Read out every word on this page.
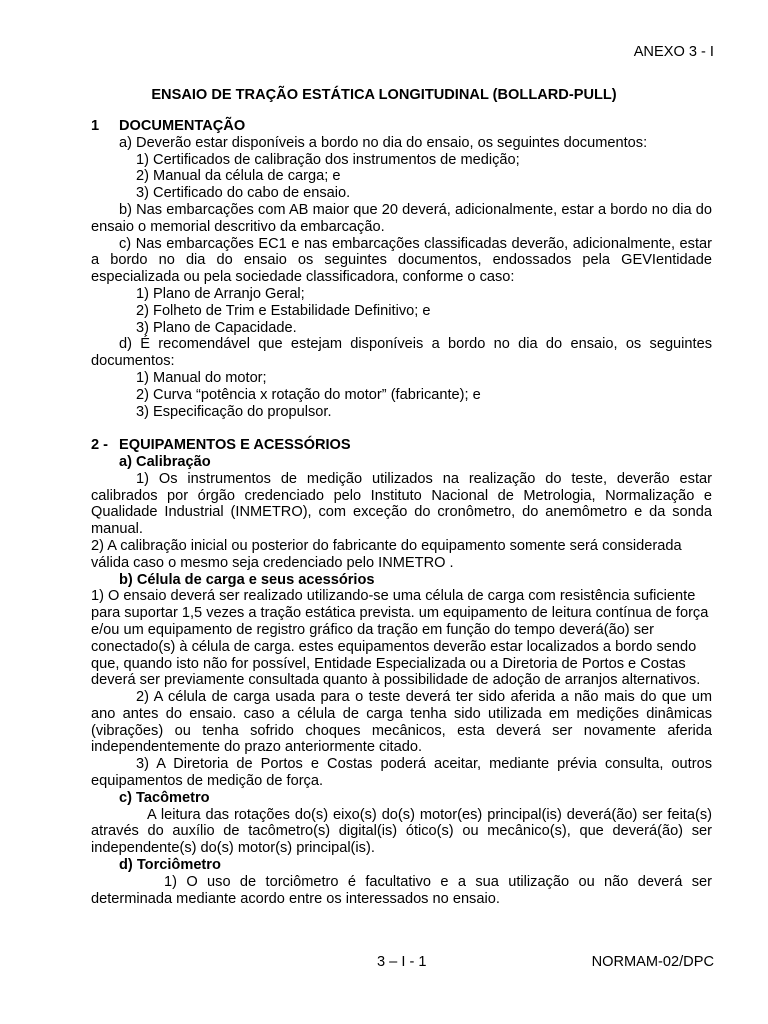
ANEXO 3 - I
ENSAIO DE TRAÇÃO ESTÁTICA LONGITUDINAL (BOLLARD-PULL)

1 DOCUMENTAÇÃO

a) Deverão estar disponíveis a bordo no dia do ensaio, os seguintes documentos:

1) Certificados de calibração dos instrumentos de medição;

2) Manual da célula de carga; e

3) Certificado do cabo de ensaio.

b) Nas embarcações com AB maior que 20 deverá, adicionalmente, estar a bordo no dia do ensaio o memorial descritivo da embarcação.

c) Nas embarcações EC1 e nas embarcações classificadas deverão, adicionalmente, estar a bordo no dia do ensaio os seguintes documentos, endossados pela GEVIentidade especializada ou pela sociedade classificadora, conforme o caso:

1) Plano de Arranjo Geral;

2) Folheto de Trim e Estabilidade Definitivo; e

3) Plano de Capacidade.

d) É recomendável que estejam disponíveis a bordo no dia do ensaio, os seguintes documentos:

1) Manual do motor;

2) Curva “potência x rotação do motor” (fabricante); e

3) Especificação do propulsor.

2 - EQUIPAMENTOS E ACESSÓRIOS

a) Calibração

1) Os instrumentos de medição utilizados na realização do teste, deverão estar calibrados por órgão credenciado pelo Instituto Nacional de Metrologia, Normalização e Qualidade Industrial (INMETRO), com exceção do cronômetro, do anemômetro e da sonda manual.

2) A calibração inicial ou posterior do fabricante do equipamento somente será considerada válida caso o mesmo seja credenciado pelo INMETRO .

b) Célula de carga e seus acessórios

1) O ensaio deverá ser realizado utilizando-se uma célula de carga com resistência suficiente para suportar 1,5 vezes a tração estática prevista. um equipamento de leitura contínua de força e/ou um equipamento de registro gráfico da tração em função do tempo deverá(ão) ser conectado(s) à célula de carga. estes equipamentos deverão estar localizados a bordo sendo que, quando isto não for possível, Entidade Especializada ou a Diretoria de Portos e Costas deverá ser previamente consultada quanto à possibilidade de adoção de arranjos alternativos.

2) A célula de carga usada para o teste deverá ter sido aferida a não mais do que um ano antes do ensaio. caso a célula de carga tenha sido utilizada em medições dinâmicas (vibrações) ou tenha sofrido choques mecânicos, esta deverá ser novamente aferida independentemente do prazo anteriormente citado.

3) A Diretoria de Portos e Costas poderá aceitar, mediante prévia consulta, outros equipamentos de medição de força.

c) Tacômetro

A leitura das rotações do(s) eixo(s) do(s) motor(es) principal(is) deverá(ão) ser feita(s) através do auxílio de tacômetro(s) digital(is) ótico(s) ou mecânico(s), que deverá(ão) ser independente(s) do(s) motor(s) principal(is).

d) Torciômetro

1) O uso de torciômetro é facultativo e a sua utilização ou não deverá ser determinada mediante acordo entre os interessados no ensaio.

3 – I - 1	NORMAM-02/DPC
